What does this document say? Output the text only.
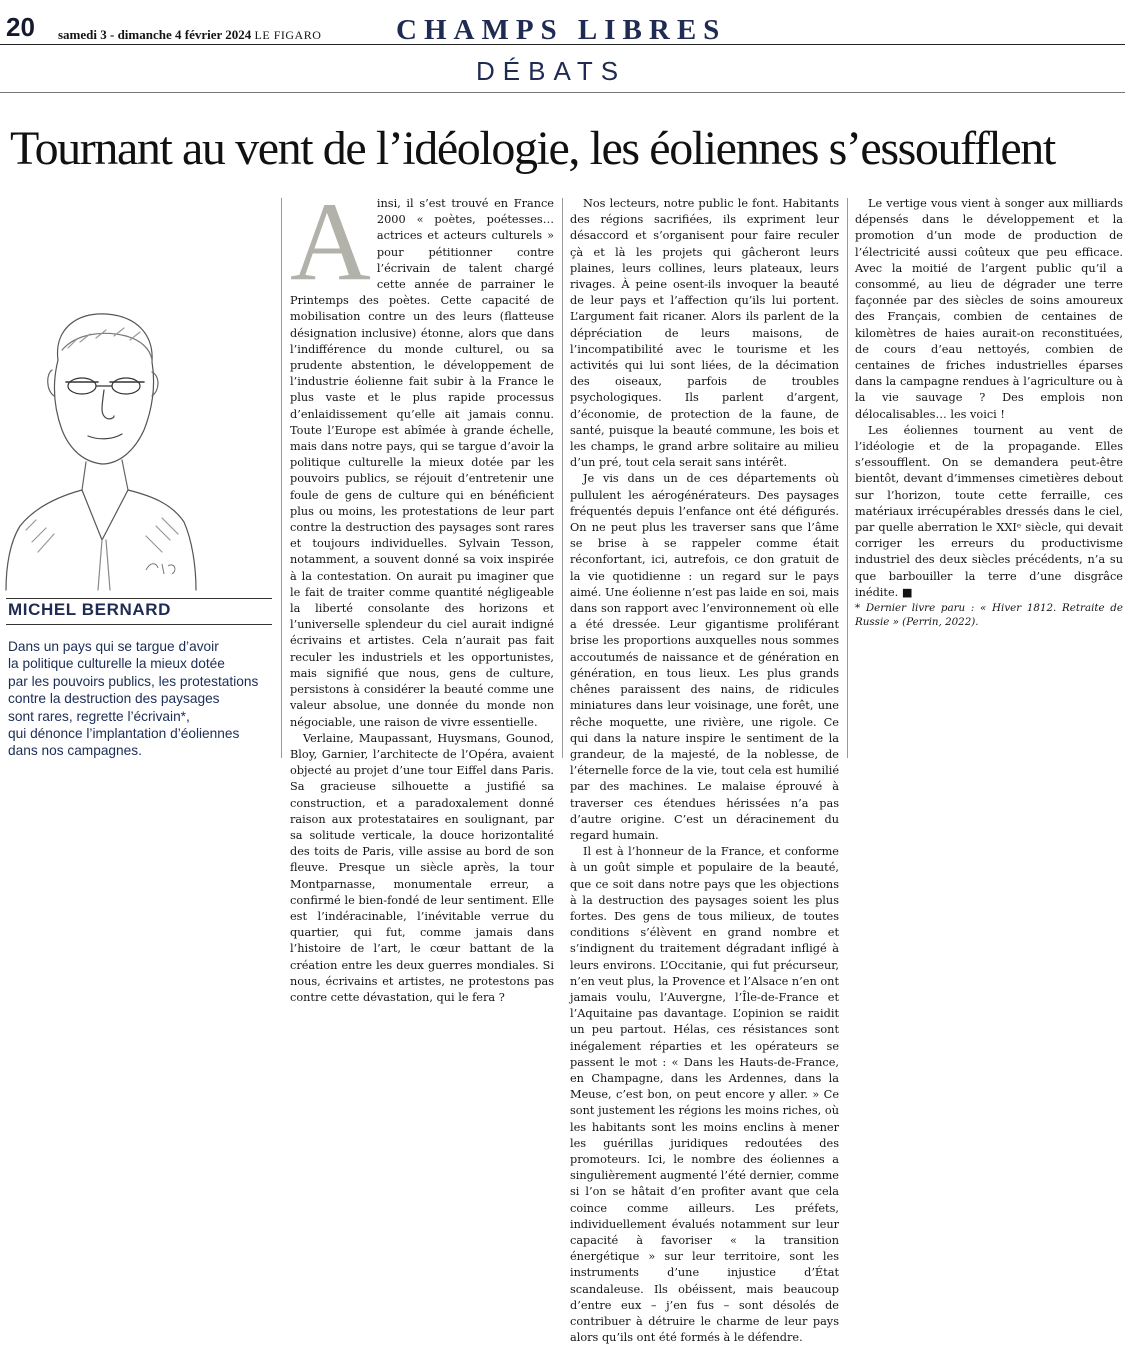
20 samedi 3 - dimanche 4 février 2024 LE FIGARO	CHAMPS LIBRES
DÉBATS
Tournant au vent de l’idéologie, les éoliennes s’essoufflent
MICHEL BERNARD
Dans un pays qui se targue d’avoir
la politique culturelle la mieux dotée
par les pouvoirs publics, les protestations
contre la destruction des paysages
sont rares, regrette l’écrivain*,
qui dénonce l’implantation d’éoliennes
dans nos campagnes.
A insi, il s’est trouvé en France 2000 « poètes, poétesses… actrices et acteurs culturels » pour pétitionner contre l’écrivain de talent chargé cette année de parrainer le Printemps des poètes. Cette capacité de mobilisation contre un des leurs (flatteuse désignation inclusive) étonne, alors que dans l’indifférence du monde culturel, ou sa prudente abstention, le développement de l’industrie éolienne fait subir à la France le plus vaste et le plus rapide processus d’enlaidissement qu’elle ait jamais connu. Toute l’Europe est abîmée à grande échelle, mais dans notre pays, qui se targue d’avoir la politique culturelle la mieux dotée par les pouvoirs publics, se réjouit d’entretenir une foule de gens de culture qui en bénéficient plus ou moins, les protestations de leur part contre la destruction des paysages sont rares et toujours individuelles. Sylvain Tesson, notamment, a souvent donné sa voix inspirée à la contestation. On aurait pu imaginer que le fait de traiter comme quantité négligeable la liberté consolante des horizons et l’universelle splendeur du ciel aurait indigné écrivains et artistes. Cela n’aurait pas fait reculer les industriels et les opportunistes, mais signifié que nous, gens de culture, persistons à considérer la beauté comme une valeur absolue, une donnée du monde non négociable, une raison de vivre essentielle.

Verlaine, Maupassant, Huysmans, Gounod, Bloy, Garnier, l’architecte de l’Opéra, avaient objecté au projet d’une tour Eiffel dans Paris. Sa gracieuse silhouette a justifié sa construction, et a paradoxalement donné raison aux protestataires en soulignant, par sa solitude verticale, la douce horizontalité des toits de Paris, ville assise au bord de son fleuve. Presque un siècle après, la tour Montparnasse, monumentale erreur, a confirmé le bien-fondé de leur sentiment. Elle est l’indéracinable, l’inévitable verrue du quartier, qui fut, comme jamais dans l’histoire de l’art, le cœur battant de la création entre les deux guerres mondiales. Si nous, écrivains et artistes, ne protestons pas contre cette dévastation, qui le fera ?

Nos lecteurs, notre public le font. Habitants des régions sacrifiées, ils expriment leur désaccord et s’organisent pour faire reculer çà et là les projets qui gâcheront leurs plaines, leurs collines, leurs plateaux, leurs rivages. À peine osent-ils invoquer la beauté de leur pays et l’affection qu’ils lui portent. L’argument fait ricaner. Alors ils parlent de la dépréciation de leurs maisons, de l’incompatibilité avec le tourisme et les activités qui lui sont liées, de la décimation des oiseaux, parfois de troubles psychologiques. Ils parlent d’argent, d’économie, de protection de la faune, de santé, puisque la beauté commune, les bois et les champs, le grand arbre solitaire au milieu d’un pré, tout cela serait sans intérêt.

Je vis dans un de ces départements où pullulent les aérogénérateurs. Des paysages fréquentés depuis l’enfance ont été défigurés. On ne peut plus les traverser sans que l’âme se brise à se rappeler comme était réconfortant, ici, autrefois, ce don gratuit de la vie quotidienne : un regard sur le pays aimé. Une éolienne n’est pas laide en soi, mais dans son rapport avec l’environnement où elle a été dressée. Leur gigantisme proliférant brise les proportions auxquelles nous sommes accoutumés de naissance et de génération en génération, en tous lieux. Les plus grands chênes paraissent des nains, de ridicules miniatures dans leur voisinage, une forêt, une rêche moquette, une rivière, une rigole. Ce qui dans la nature inspire le sentiment de la grandeur, de la majesté, de la noblesse, de l’éternelle force de la vie, tout cela est humilié par des machines. Le malaise éprouvé à traverser ces étendues hérissées n’a pas d’autre origine. C’est un déracinement du regard humain.

Il est à l’honneur de la France, et conforme à un goût simple et populaire de la beauté, que ce soit dans notre pays que les objections à la destruction des paysages soient les plus fortes. Des gens de tous milieux, de toutes conditions s’élèvent en grand nombre et s’indignent du traitement dégradant infligé à leurs environs. L’Occitanie, qui fut précurseur, n’en veut plus, la Provence et l’Alsace n’en ont jamais voulu, l’Auvergne, l’Île-de-France et l’Aquitaine pas davantage. L’opinion se raidit un peu partout. Hélas, ces résistances sont inégalement réparties et les opérateurs se passent le mot : « Dans les Hauts-de-France, en Champagne, dans les Ardennes, dans la Meuse, c’est bon, on peut encore y aller. » Ce sont justement les régions les moins riches, où les habitants sont les moins enclins à mener les guérillas juridiques redoutées des promoteurs. Ici, le nombre des éoliennes a singulièrement augmenté l’été dernier, comme si l’on se hâtait d’en profiter avant que cela coince comme ailleurs. Les préfets, individuellement évalués notamment sur leur capacité à favoriser « la transition énergétique » sur leur territoire, sont les instruments d’une injustice d’État scandaleuse. Ils obéissent, mais beaucoup d’entre eux – j’en fus – sont désolés de contribuer à détruire le charme de leur pays alors qu’ils ont été formés à le défendre.

Le vertige vous vient à songer aux milliards dépensés dans le développement et la promotion d’un mode de production de l’électricité aussi coûteux que peu efficace. Avec la moitié de l’argent public qu’il a consommé, au lieu de dégrader une terre façonnée par des siècles de soins amoureux des Français, combien de centaines de kilomètres de haies aurait-on reconstituées, de cours d’eau nettoyés, combien de centaines de friches industrielles éparses dans la campagne rendues à l’agriculture ou à la vie sauvage ? Des emplois non délocalisables… les voici !

Les éoliennes tournent au vent de l’idéologie et de la propagande. Elles s’essoufflent. On se demandera peut-être bientôt, devant d’immenses cimetières debout sur l’horizon, toute cette ferraille, ces matériaux irrécupérables dressés dans le ciel, par quelle aberration le XXIᵉ siècle, qui devait corriger les erreurs du productivisme industriel des deux siècles précédents, n’a su que barbouiller la terre d’une disgrâce inédite. ■

* Dernier livre paru : « Hiver 1812. Retraite de Russie » (Perrin, 2022).
